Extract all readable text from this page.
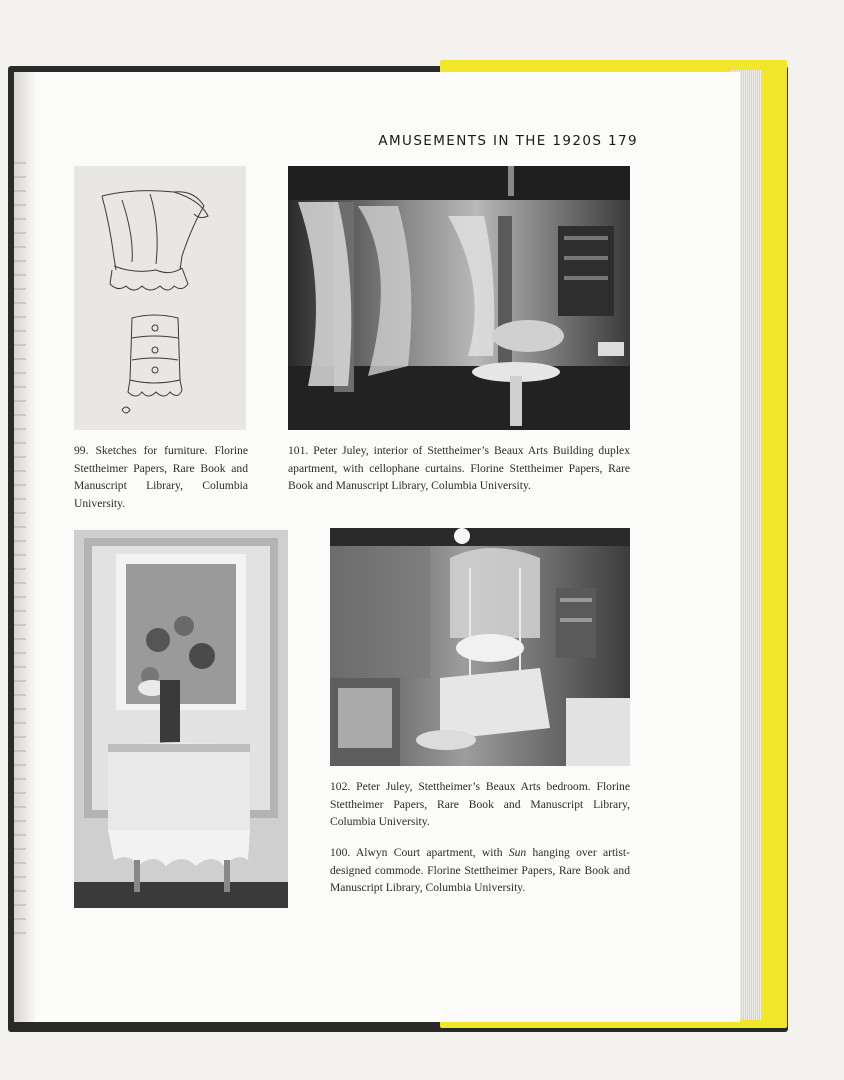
AMUSEMENTS IN THE 1920S 179

99. Sketches for furniture. Florine Stettheimer Papers, Rare Book and Manuscript Library, Columbia University.

101. Peter Juley, interior of Stettheimer’s Beaux Arts Building duplex apartment, with cellophane curtains. Florine Stettheimer Papers, Rare Book and Manuscript Library, Columbia University.

102. Peter Juley, Stettheimer’s Beaux Arts bedroom. Florine Stettheimer Papers, Rare Book and Manuscript Library, Columbia University.

100. Alwyn Court apartment, with Sun hanging over artist-designed commode. Florine Stettheimer Papers, Rare Book and Manuscript Library, Columbia University.
